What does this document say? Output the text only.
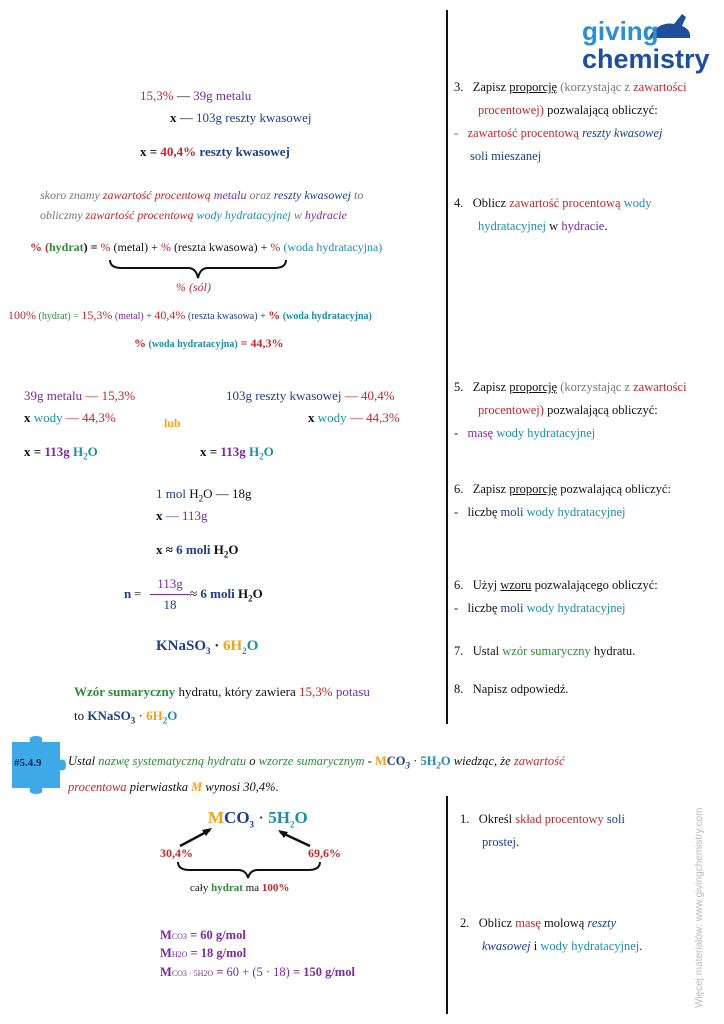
giving
chemistry
15,3% — 39g metalu
x — 103g reszty kwasowej
x = 40,4% reszty kwasowej
skoro znamy zawartość procentową metalu oraz reszty kwasowej to
obliczmy zawartość procentową wody hydratacyjnej w hydracie
% (hydrat) = % (metal) + % (reszta kwasowa) + % (woda hydratacyjna)
% (sól)
100% (hydrat) = 15,3% (metal) + 40,4% (reszta kwasowa) + % (woda hydratacyjna)
% (woda hydratacyjna) = 44,3%
39g metalu — 15,3%
x wody — 44,3%	lub
103g reszty kwasowej — 40,4%
x wody — 44,3%
x = 113g $H_2O$	x = 113g $H_2O$
1 mol $H_2O$ — 18g
x — 113g
x ≈ 6 moli $H_2O$
n =
113g
18
≈ 6 moli $H_2O$
KNaSO$_3$ · $6H_2O$
Wzór sumaryczny hydratu, który zawiera 15,3% potasu
to KNaSO$_3$ · $6H_2O$
3. Zapisz proporcję (korzystając z zawartości
procentowej) pozwalającą obliczyć:
- zawartość procentową reszty kwasowej
soli mieszanej
4. Oblicz zawartość procentową wody
hydratacyjnej w hydracie.
5. Zapisz proporcję (korzystając z zawartości
procentowej) pozwalającą obliczyć:
- masę wody hydratacyjnej
6. Zapisz proporcję pozwalającą obliczyć:
- liczbę moli wody hydratacyjnej
6. Użyj wzoru pozwalającego obliczyć:
- liczbę moli wody hydratacyjnej
7. Ustal wzór sumaryczny hydratu.
8. Napisz odpowiedź.
#5.4.9 Ustal nazwę systematyczną hydratu o wzorze sumarycznym - $MCO_3 \cdot 5H_2O$ wiedząc, że zawartość
procentowa pierwiastka M wynosi 30,4%.
$MCO_3 \cdot 5H_2O$
30,4%	69,6%
cały hydrat ma 100%
MCO3 = 60 g/mol
MH2O = 18 g/mol
MCO3 · 5H2O = 60 + (5 · 18) = 150 g/mol
1. Określ skład procentowy soli
prostej.
2. Oblicz masę molową reszty
kwasowej i wody hydratacyjnej.	Więcej materiałów: www.givingchemistry.com
